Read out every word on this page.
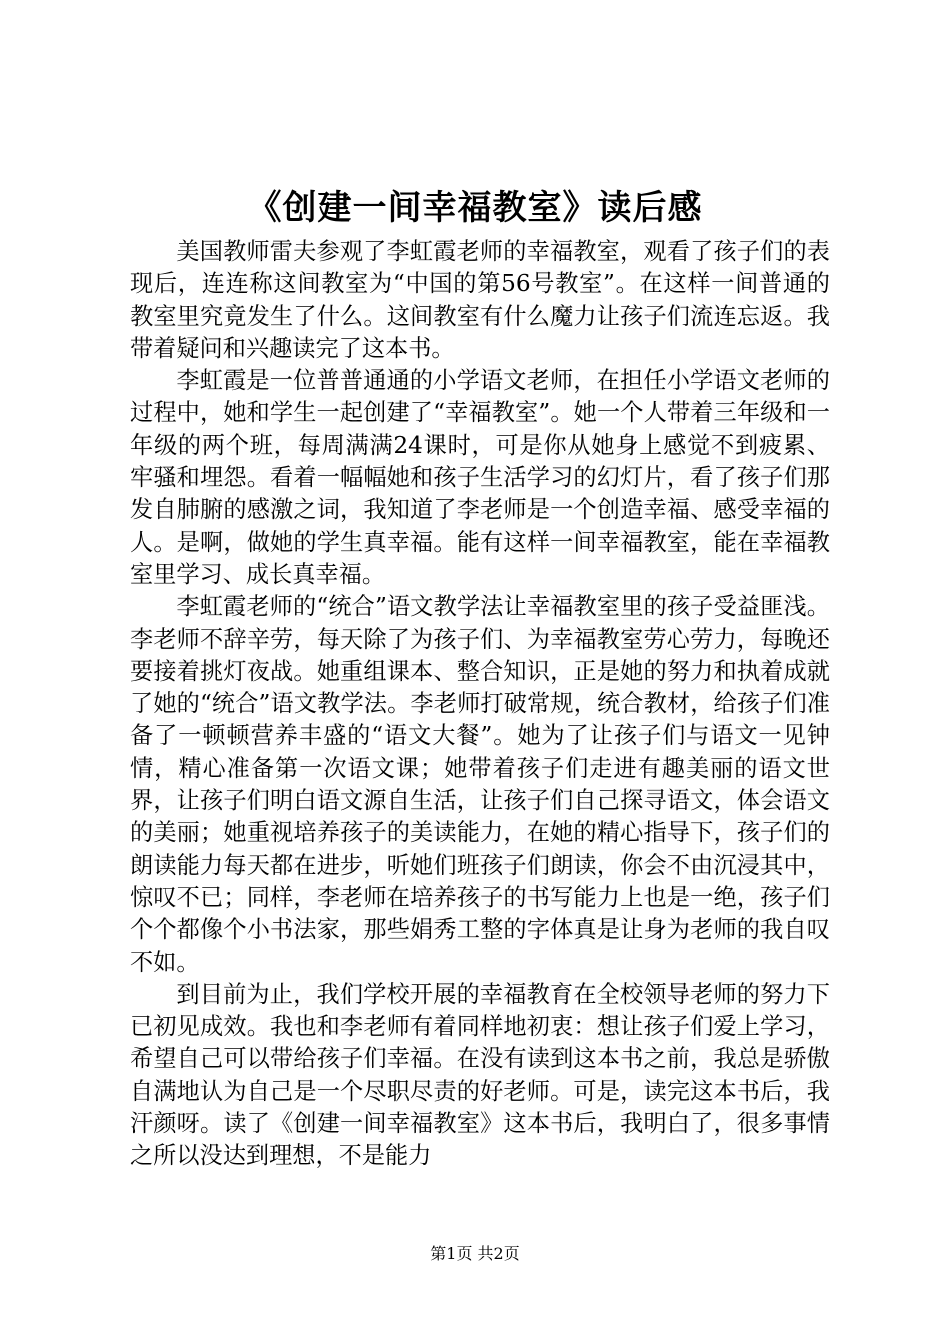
《创建一间幸福教室》读后感

美国教师雷夫参观了李虹霞老师的幸福教室，观看了孩子们的表现后，连连称这间教室为“中国的第56号教室”。在这样一间普通的教室里究竟发生了什么。这间教室有什么魔力让孩子们流连忘返。我带着疑问和兴趣读完了这本书。

李虹霞是一位普普通通的小学语文老师，在担任小学语文老师的过程中，她和学生一起创建了“幸福教室”。她一个人带着三年级和一年级的两个班，每周满满24课时，可是你从她身上感觉不到疲累、牢骚和埋怨。看着一幅幅她和孩子生活学习的幻灯片，看了孩子们那发自肺腑的感激之词，我知道了李老师是一个创造幸福、感受幸福的人。是啊，做她的学生真幸福。能有这样一间幸福教室，能在幸福教室里学习、成长真幸福。

李虹霞老师的“统合”语文教学法让幸福教室里的孩子受益匪浅。李老师不辞辛劳，每天除了为孩子们、为幸福教室劳心劳力，每晚还要接着挑灯夜战。她重组课本、整合知识，正是她的努力和执着成就了她的“统合”语文教学法。李老师打破常规，统合教材，给孩子们准备了一顿顿营养丰盛的“语文大餐”。她为了让孩子们与语文一见钟情，精心准备第一次语文课；她带着孩子们走进有趣美丽的语文世界，让孩子们明白语文源自生活，让孩子们自己探寻语文，体会语文的美丽；她重视培养孩子的美读能力，在她的精心指导下，孩子们的朗读能力每天都在进步，听她们班孩子们朗读，你会不由沉浸其中，惊叹不已；同样，李老师在培养孩子的书写能力上也是一绝，孩子们个个都像个小书法家，那些娟秀工整的字体真是让身为老师的我自叹不如。

到目前为止，我们学校开展的幸福教育在全校领导老师的努力下已初见成效。我也和李老师有着同样地初衷：想让孩子们爱上学习，希望自己可以带给孩子们幸福。在没有读到这本书之前，我总是骄傲自满地认为自己是一个尽职尽责的好老师。可是，读完这本书后，我汗颜呀。读了《创建一间幸福教室》这本书后，我明白了，很多事情之所以没达到理想，不是能力

第1页 共2页
